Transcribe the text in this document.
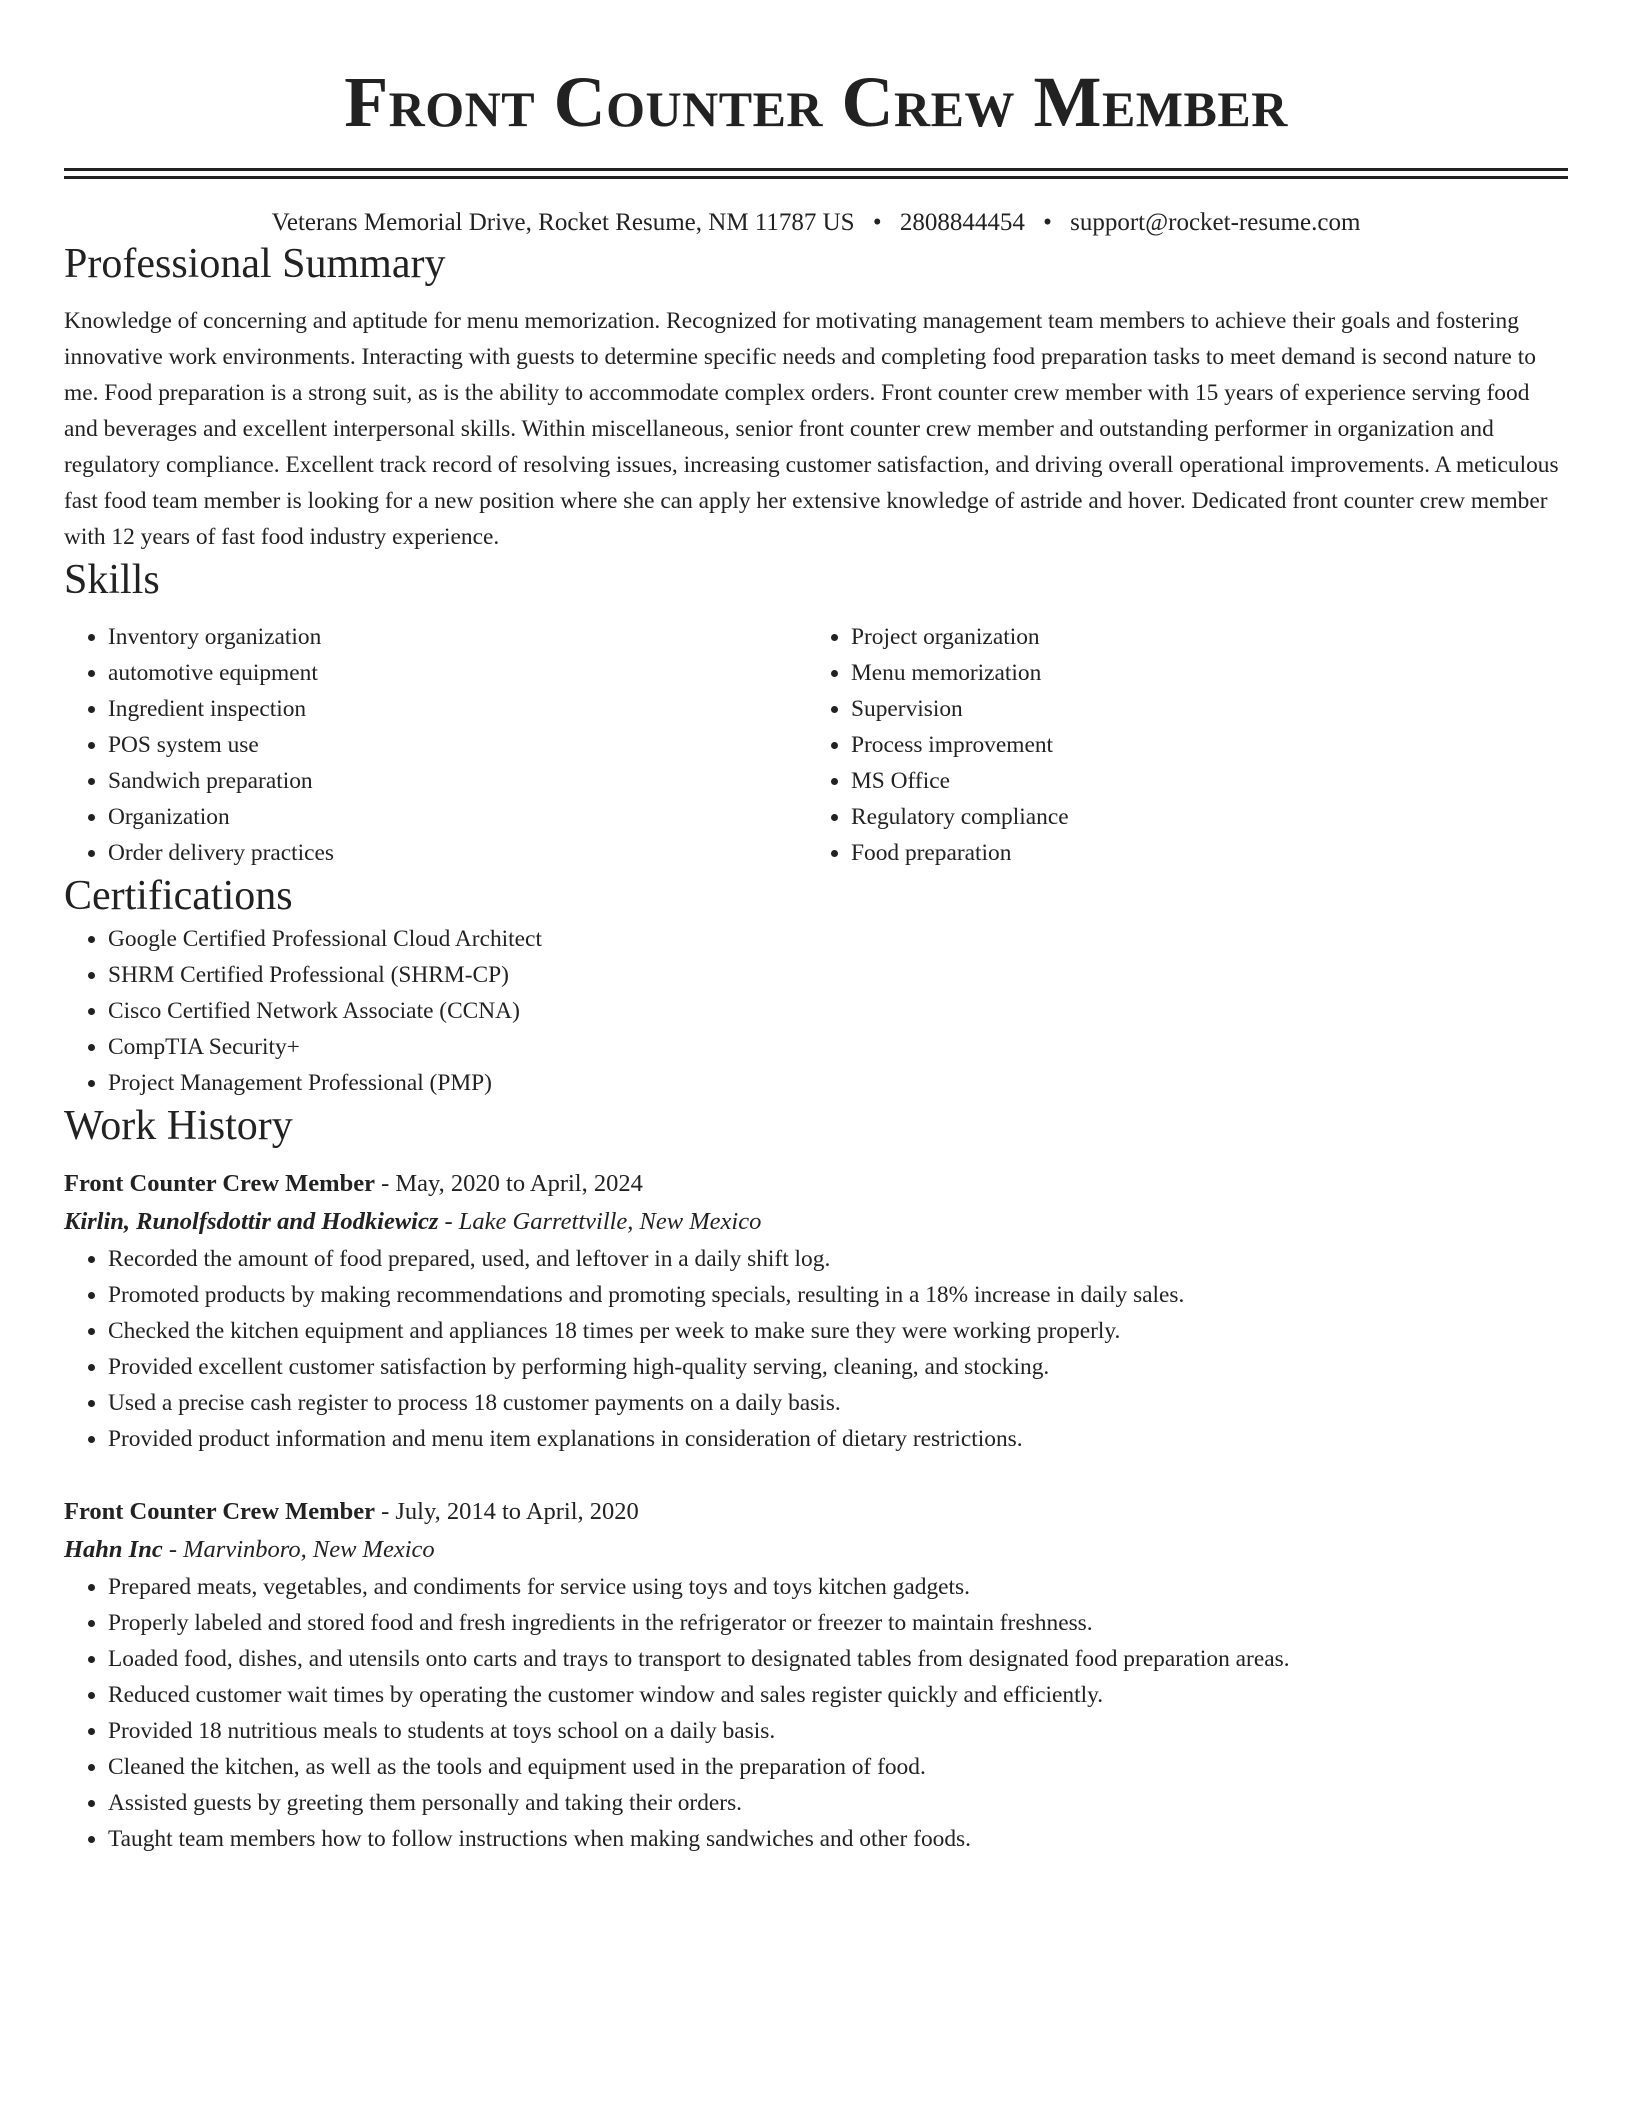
Front Counter Crew Member
Veterans Memorial Drive, Rocket Resume, NM 11787 US • 2808844454 • support@rocket-resume.com
Professional Summary

Knowledge of concerning and aptitude for menu memorization. Recognized for motivating management team members to achieve their goals and fostering innovative work environments. Interacting with guests to determine specific needs and completing food preparation tasks to meet demand is second nature to me. Food preparation is a strong suit, as is the ability to accommodate complex orders. Front counter crew member with 15 years of experience serving food and beverages and excellent interpersonal skills. Within miscellaneous, senior front counter crew member and outstanding performer in organization and regulatory compliance. Excellent track record of resolving issues, increasing customer satisfaction, and driving overall operational improvements. A meticulous fast food team member is looking for a new position where she can apply her extensive knowledge of astride and hover. Dedicated front counter crew member with 12 years of fast food industry experience.

Skills
• Inventory organization
• automotive equipment
• Ingredient inspection
• POS system use
• Sandwich preparation
• Organization
• Order delivery practices
• Project organization
• Menu memorization
• Supervision
• Process improvement
• MS Office
• Regulatory compliance
• Food preparation
Certifications
• Google Certified Professional Cloud Architect
• SHRM Certified Professional (SHRM-CP)
• Cisco Certified Network Associate (CCNA)
• CompTIA Security+
• Project Management Professional (PMP)
Work History
Front Counter Crew Member - May, 2020 to April, 2024
Kirlin, Runolfsdottir and Hodkiewicz - Lake Garrettville, New Mexico
• Recorded the amount of food prepared, used, and leftover in a daily shift log.
• Promoted products by making recommendations and promoting specials, resulting in a 18% increase in daily sales.
• Checked the kitchen equipment and appliances 18 times per week to make sure they were working properly.
• Provided excellent customer satisfaction by performing high-quality serving, cleaning, and stocking.
• Used a precise cash register to process 18 customer payments on a daily basis.
• Provided product information and menu item explanations in consideration of dietary restrictions.
Front Counter Crew Member - July, 2014 to April, 2020
Hahn Inc - Marvinboro, New Mexico
• Prepared meats, vegetables, and condiments for service using toys and toys kitchen gadgets.
• Properly labeled and stored food and fresh ingredients in the refrigerator or freezer to maintain freshness.
• Loaded food, dishes, and utensils onto carts and trays to transport to designated tables from designated food preparation areas.
• Reduced customer wait times by operating the customer window and sales register quickly and efficiently.
• Provided 18 nutritious meals to students at toys school on a daily basis.
• Cleaned the kitchen, as well as the tools and equipment used in the preparation of food.
• Assisted guests by greeting them personally and taking their orders.
• Taught team members how to follow instructions when making sandwiches and other foods.
